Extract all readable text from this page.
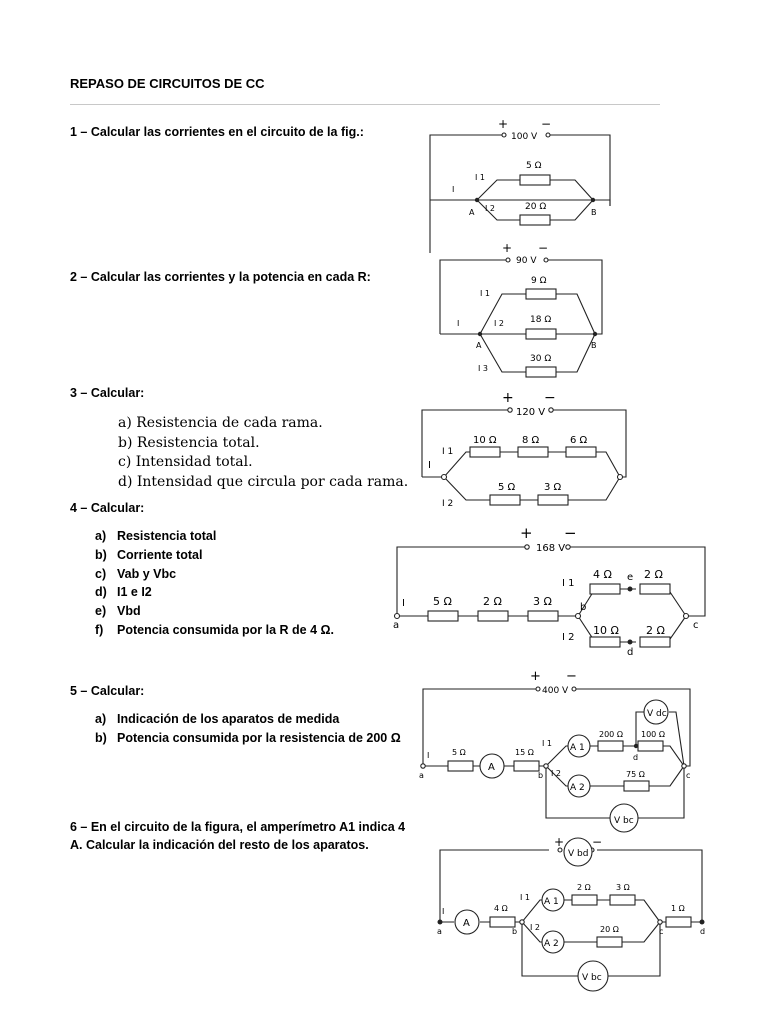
REPASO DE CIRCUITOS DE CC
1 – Calcular las corrientes en el circuito de la fig.:
+	−
100 V
5 Ω
20 Ω
I
I 1
I 2
A	B
2 – Calcular las corrientes y la potencia en cada R:
+ −
90 V
9 Ω
18 Ω
30 Ω
I
I 1
I 2
I 3
A	B
3 – Calcular:
a) Resistencia de cada rama.
b) Resistencia total.
c) Intensidad total.
d) Intensidad que circula por cada rama.
+ −
120 V
10 Ω	8 Ω	6 Ω
5 Ω	3 Ω
I
I 1
I 2
4 – Calcular:
a) Resistencia total
b) Corriente total
c) Vab y Vbc
d) I1 e I2
e) Vbd
f) Potencia consumida por la R de 4 Ω.
+ −
168 V
5 Ω	2 Ω	3 Ω
4 Ω	2 Ω
10 Ω 2 Ω
I
I 1
I 2
a
b
c
e
d
5 – Calcular:
a) Indicación de los aparatos de medida
b) Potencia consumida por la resistencia de 200 Ω
+ −
400 V
A
A 1
A 2
V dc
V bc
5 Ω	15 Ω
200 Ω 100 Ω
75 Ω
I
I 1
I 2
a	b	c
d
6 – En el circuito de la figura, el amperímetro A1 indica 4
A. Calcular la indicación del resto de los aparatos.	+ −
V bd
A
A 1
A 2
V bc
4 Ω
2 Ω	3 Ω
20 Ω
1 Ω
I
I 1
I 2
a	b	c	d
